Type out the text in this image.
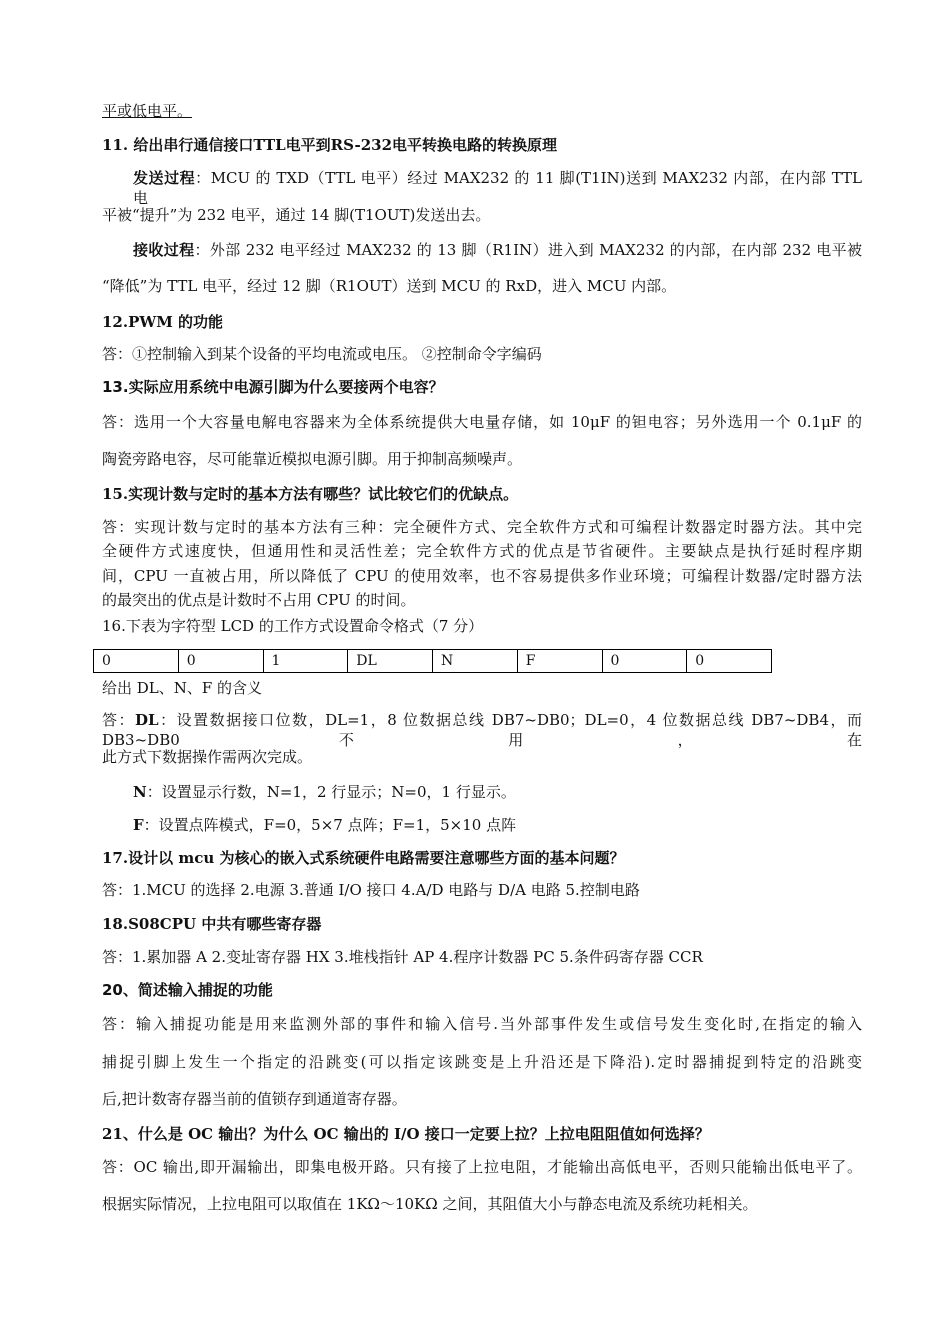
平或低电平。
11. 给出串行通信接口TTL电平到RS-232电平转换电路的转换原理
发送过程：MCU 的 TXD（TTL 电平）经过 MAX232 的 11 脚(T1IN)送到 MAX232 内部，在内部 TTL 电
平被“提升”为 232 电平，通过 14 脚(T1OUT)发送出去。
接收过程：外部 232 电平经过 MAX232 的 13 脚（R1IN）进入到 MAX232 的内部，在内部 232 电平被
“降低”为 TTL 电平，经过 12 脚（R1OUT）送到 MCU 的 RxD，进入 MCU 内部。
12.PWM 的功能
答：①控制输入到某个设备的平均电流或电压。 ②控制命令字编码
13.实际应用系统中电源引脚为什么要接两个电容？
答：选用一个大容量电解电容器来为全体系统提供大电量存储，如 10μF 的钽电容；另外选用一个 0.1μF 的
陶瓷旁路电容，尽可能靠近模拟电源引脚。用于抑制高频噪声。
15.实现计数与定时的基本方法有哪些？试比较它们的优缺点。
答：实现计数与定时的基本方法有三种：完全硬件方式、完全软件方式和可编程计数器定时器方法。其中完
全硬件方式速度快，但通用性和灵活性差；完全软件方式的优点是节省硬件。主要缺点是执行延时程序期
间，CPU 一直被占用，所以降低了 CPU 的使用效率，也不容易提供多作业环境；可编程计数器/定时器方法
的最突出的优点是计数时不占用 CPU 的时间。
16.下表为字符型 LCD 的工作方式设置命令格式（7 分）
0	0	1	DL	N	F	0	0
给出 DL、N、F 的含义
答：DL：设置数据接口位数，DL=1，8 位数据总线 DB7~DB0；DL=0，4 位数据总线 DB7~DB4，而 DB3~DB0 不用，在
此方式下数据操作需两次完成。
N：设置显示行数，N=1，2 行显示；N=0，1 行显示。
F：设置点阵模式，F=0，5×7 点阵；F=1，5×10 点阵
17.设计以 mcu 为核心的嵌入式系统硬件电路需要注意哪些方面的基本问题？
答：1.MCU 的选择 2.电源 3.普通 I/O 接口 4.A/D 电路与 D/A 电路 5.控制电路
18.S08CPU 中共有哪些寄存器
答：1.累加器 A 2.变址寄存器 HX 3.堆栈指针 AP 4.程序计数器 PC 5.条件码寄存器 CCR
20、简述输入捕捉的功能
答：输入捕捉功能是用来监测外部的事件和输入信号.当外部事件发生或信号发生变化时,在指定的输入
捕捉引脚上发生一个指定的沿跳变(可以指定该跳变是上升沿还是下降沿).定时器捕捉到特定的沿跳变
后,把计数寄存器当前的值锁存到通道寄存器。
21、什么是 OC 输出？为什么 OC 输出的 I/O 接口一定要上拉？上拉电阻阻值如何选择？
答：OC 输出,即开漏输出，即集电极开路。只有接了上拉电阻，才能输出高低电平，否则只能输出低电平了。
根据实际情况，上拉电阻可以取值在 1KΩ～10KΩ 之间，其阻值大小与静态电流及系统功耗相关。
